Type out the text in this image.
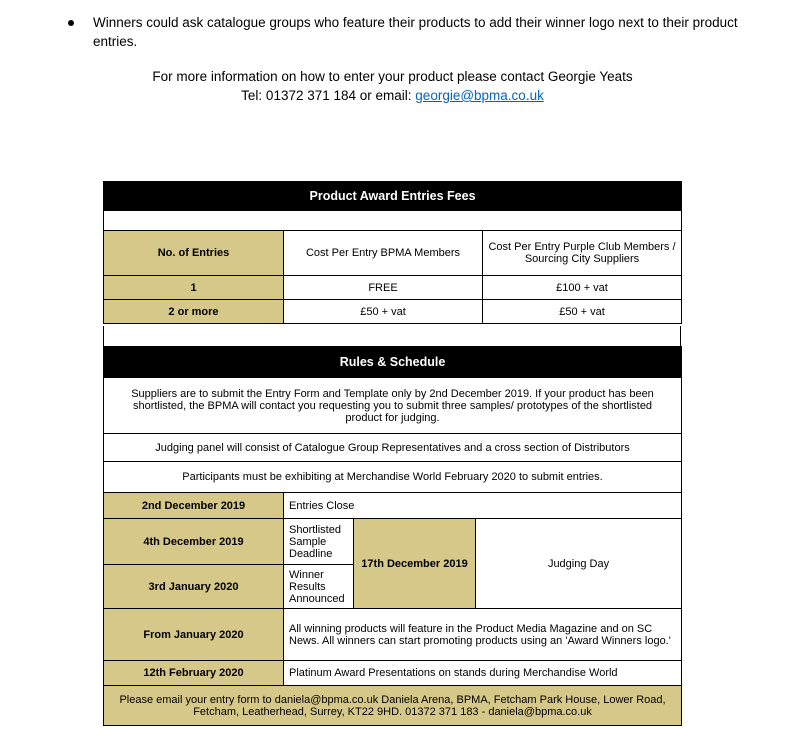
Winners could ask catalogue groups who feature their products to add their winner logo next to their product entries.
For more information on how to enter your product please contact Georgie Yeats
Tel: 01372 371 184 or email: georgie@bpma.co.uk
Product Award Entries Fees		

No. of Entries	Cost Per Entry BPMA Members	Cost Per Entry Purple Club Members / Sourcing City Suppliers
1	FREE	£100 + vat
2 or more	£50 + vat	£50 + vat
Rules & Schedule			
Suppliers are to submit the Entry Form and Template only by 2nd December 2019. If your product has been shortlisted, the BPMA will contact you requesting you to submit three samples/ prototypes of the shortlisted product for judging.			
Judging panel will consist of Catalogue Group Representatives and a cross section of Distributors			
Participants must be exhibiting at Merchandise World February 2020 to submit entries.			
2nd December 2019	Entries Close		
4th December 2019	Shortlisted Sample Deadline	17th December 2019	Judging Day
3rd January 2020	Winner Results Announced		
From January 2020	All winning products will feature in the Product Media Magazine and on SC News. All winners can start promoting products using an 'Award Winners logo.'		
12th February 2020	Platinum Award Presentations on stands during Merchandise World		
Please email your entry form to daniela@bpma.co.uk Daniela Arena, BPMA, Fetcham Park House, Lower Road, Fetcham, Leatherhead, Surrey, KT22 9HD. 01372 371 183 - daniela@bpma.co.uk			
